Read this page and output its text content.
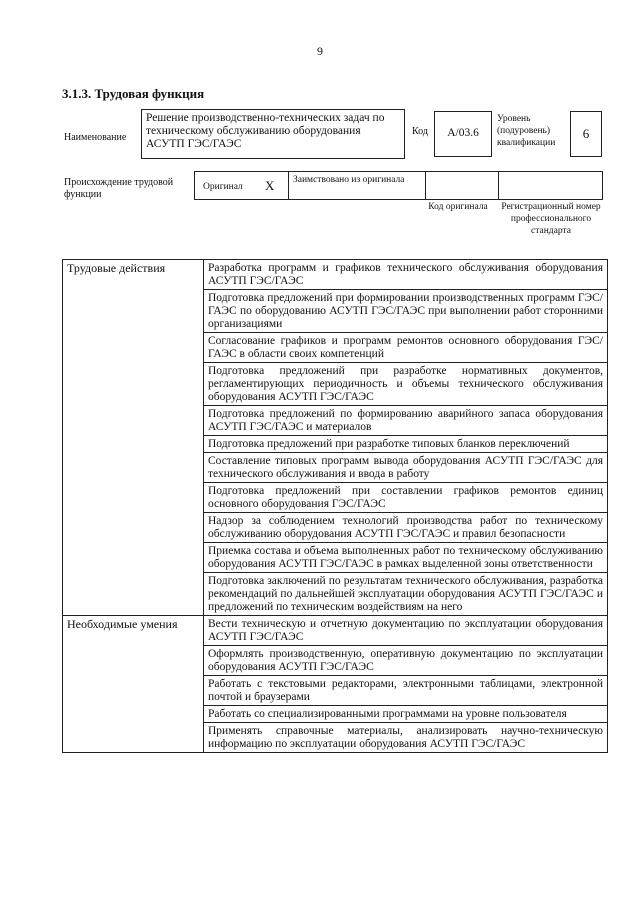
9
3.1.3. Трудовая функция
Наименование
Решение производственно-технических задач по техническому обслуживанию оборудования АСУТП ГЭС/ГАЭС
Код	А/03.6
Уровень (подуровень) квалификации
6
Происхождение трудовой функции
Оригинал X Заимствовано из оригинала
Код оригинала	Регистрационный номер профессионального стандарта
Трудовые действия	Разработка программ и графиков технического обслуживания оборудования АСУТП ГЭС/ГАЭС
	Подготовка предложений при формировании производственных программ ГЭС/ГАЭС по оборудованию АСУТП ГЭС/ГАЭС при выполнении работ сторонними организациями
	Согласование графиков и программ ремонтов основного оборудования ГЭС/ГАЭС в области своих компетенций
	Подготовка предложений при разработке нормативных документов, регламентирующих периодичность и объемы технического обслуживания оборудования АСУТП ГЭС/ГАЭС
	Подготовка предложений по формированию аварийного запаса оборудования АСУТП ГЭС/ГАЭС и материалов
	Подготовка предложений при разработке типовых бланков переключений
	Составление типовых программ вывода оборудования АСУТП ГЭС/ГАЭС для технического обслуживания и ввода в работу
	Подготовка предложений при составлении графиков ремонтов единиц основного оборудования ГЭС/ГАЭС
	Надзор за соблюдением технологий производства работ по техническому обслуживанию оборудования АСУТП ГЭС/ГАЭС и правил безопасности
	Приемка состава и объема выполненных работ по техническому обслуживанию оборудования АСУТП ГЭС/ГАЭС в рамках выделенной зоны ответственности
	Подготовка заключений по результатам технического обслуживания, разработка рекомендаций по дальнейшей эксплуатации оборудования АСУТП ГЭС/ГАЭС и предложений по техническим воздействиям на него
Необходимые умения	Вести техническую и отчетную документацию по эксплуатации оборудования АСУТП ГЭС/ГАЭС
	Оформлять производственную, оперативную документацию по эксплуатации оборудования АСУТП ГЭС/ГАЭС
	Работать с текстовыми редакторами, электронными таблицами, электронной почтой и браузерами
	Работать со специализированными программами на уровне пользователя
	Применять справочные материалы, анализировать научно-техническую информацию по эксплуатации оборудования АСУТП ГЭС/ГАЭС
